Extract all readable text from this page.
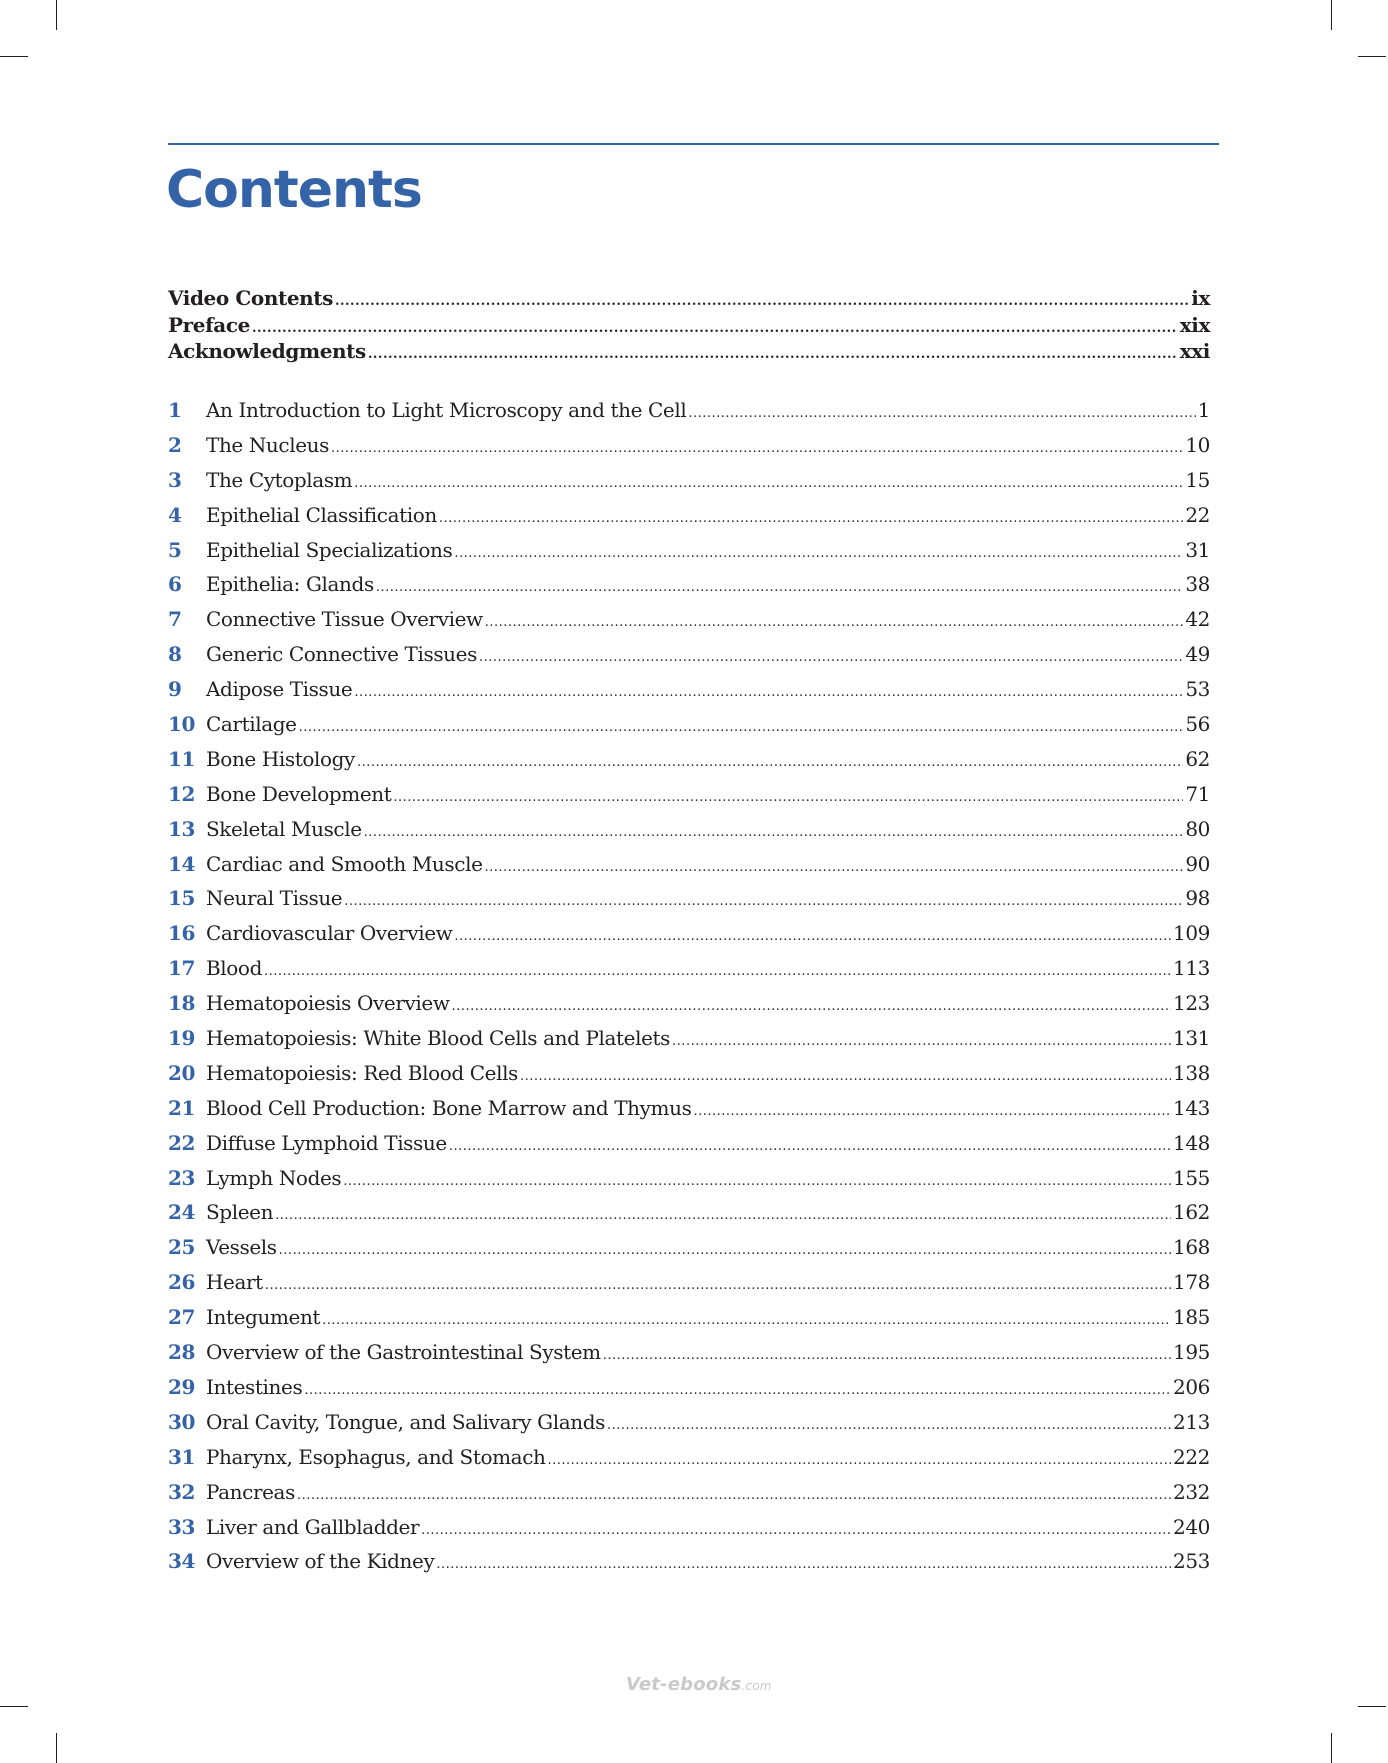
Contents
Video Contents .....	ix
Preface .....	xix
Acknowledgments .....	xxi
1	An Introduction to Light Microscopy and the Cell .....	1
2	The Nucleus .....	10
3	The Cytoplasm .....	15
4	Epithelial Classification .....	22
5	Epithelial Specializations .....	31
6	Epithelia: Glands .....	38
7	Connective Tissue Overview .....	42
8	Generic Connective Tissues .....	49
9	Adipose Tissue .....	53
10 Cartilage .....	56
11 Bone Histology .....	62
12 Bone Development .....	71
13 Skeletal Muscle .....	80
14 Cardiac and Smooth Muscle .....	90
15 Neural Tissue .....	98
16 Cardiovascular Overview .....	109
17 Blood .....	113
18 Hematopoiesis Overview .....	123
19 Hematopoiesis: White Blood Cells and Platelets .....	131
20 Hematopoiesis: Red Blood Cells .....	138
21 Blood Cell Production: Bone Marrow and Thymus .....	143
22 Diffuse Lymphoid Tissue .....	148
23 Lymph Nodes .....	155
24 Spleen .....	162
25 Vessels .....	168
26 Heart .....	178
27 Integument .....	185
28 Overview of the Gastrointestinal System .....	195
29 Intestines .....	206
30 Oral Cavity, Tongue, and Salivary Glands .....	213
31 Pharynx, Esophagus, and Stomach .....	222
32 Pancreas .....	232
33 Liver and Gallbladder .....	240
34 Overview of the Kidney .....	253
Vet-ebooks.com
